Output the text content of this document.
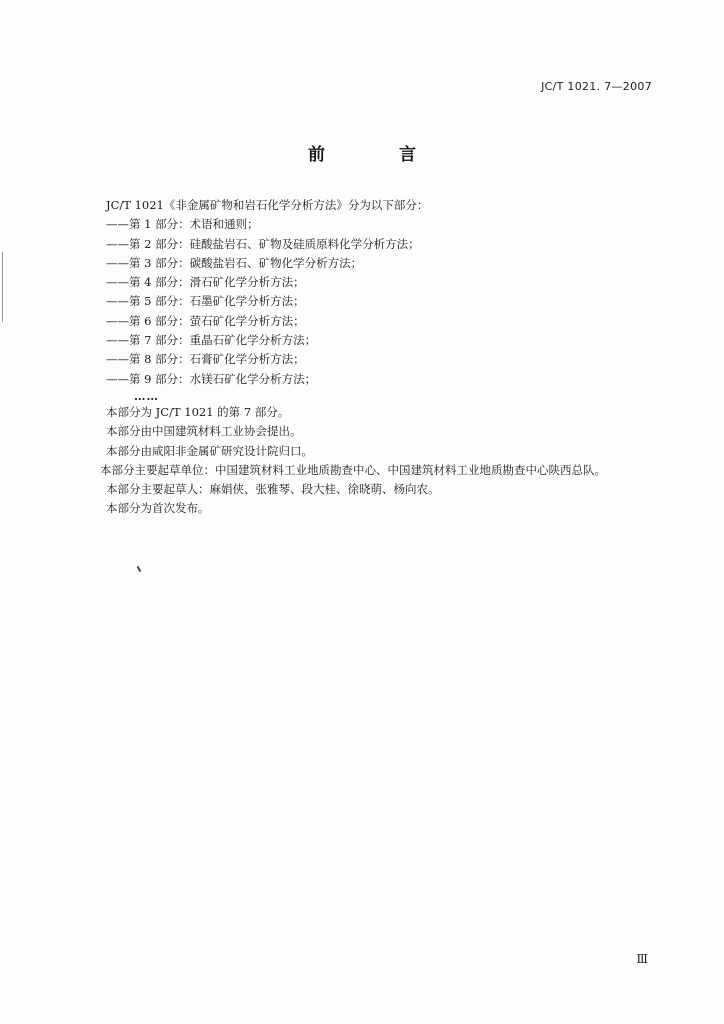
JC/T 1021. 7—2007
前 言

JC/T 1021《非金属矿物和岩石化学分析方法》分为以下部分：

——第 1 部分：术语和通则；

——第 2 部分：硅酸盐岩石、矿物及硅质原料化学分析方法；

——第 3 部分：碳酸盐岩石、矿物化学分析方法；

——第 4 部分：滑石矿化学分析方法；

——第 5 部分：石墨矿化学分析方法；

——第 6 部分：萤石矿化学分析方法；

——第 7 部分：重晶石矿化学分析方法；

——第 8 部分：石膏矿化学分析方法；

——第 9 部分：水镁石矿化学分析方法；

……

本部分为 JC/T 1021 的第 7 部分。

本部分由中国建筑材料工业协会提出。

本部分由咸阳非金属矿研究设计院归口。

本部分主要起草单位：中国建筑材料工业地质勘查中心、中国建筑材料工业地质勘查中心陕西总队。

本部分主要起草人：麻娟侠、张雅琴、段大桂、徐晓萌、杨向农。

本部分为首次发布。

Ⅲ
